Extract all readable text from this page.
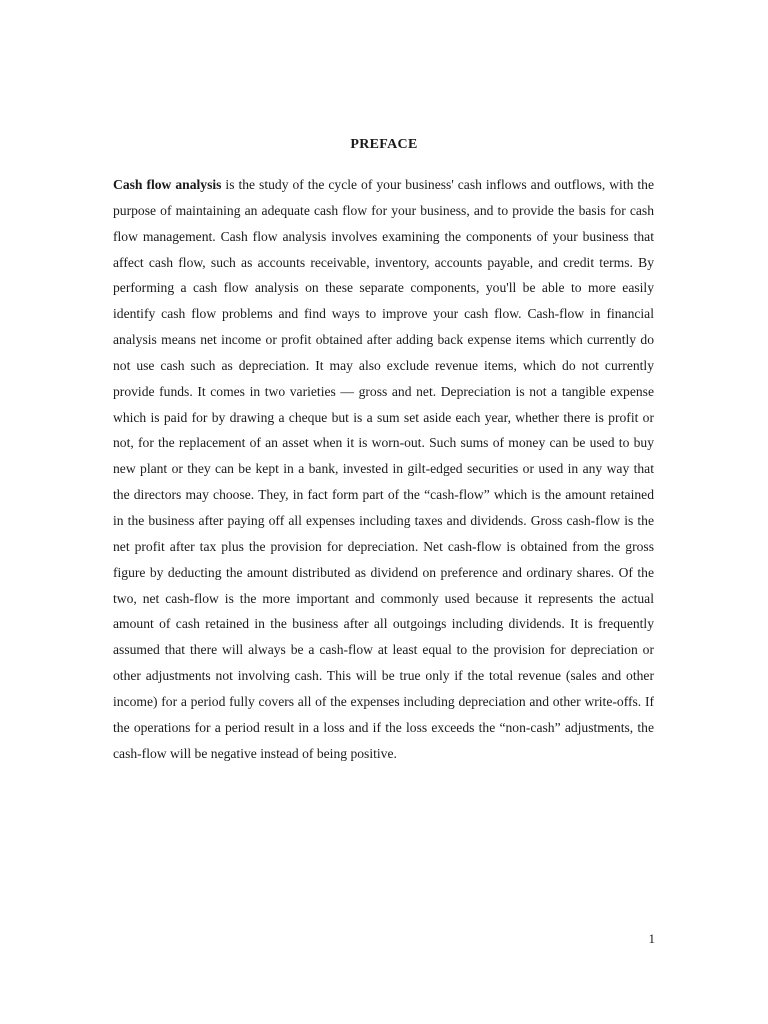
PREFACE

Cash flow analysis is the study of the cycle of your business' cash inflows and outflows, with the purpose of maintaining an adequate cash flow for your business, and to provide the basis for cash flow management. Cash flow analysis involves examining the components of your business that affect cash flow, such as accounts receivable, inventory, accounts payable, and credit terms. By performing a cash flow analysis on these separate components, you'll be able to more easily identify cash flow problems and find ways to improve your cash flow. Cash-flow in financial analysis means net income or profit obtained after adding back expense items which currently do not use cash such as depreciation. It may also exclude revenue items, which do not currently provide funds. It comes in two varieties — gross and net. Depreciation is not a tangible expense which is paid for by drawing a cheque but is a sum set aside each year, whether there is profit or not, for the replacement of an asset when it is worn-out. Such sums of money can be used to buy new plant or they can be kept in a bank, invested in gilt-edged securities or used in any way that the directors may choose. They, in fact form part of the “cash-flow” which is the amount retained in the business after paying off all expenses including taxes and dividends. Gross cash-flow is the net profit after tax plus the provision for depreciation. Net cash-flow is obtained from the gross figure by deducting the amount distributed as dividend on preference and ordinary shares. Of the two, net cash-flow is the more important and commonly used because it represents the actual amount of cash retained in the business after all outgoings including dividends. It is frequently assumed that there will always be a cash-flow at least equal to the provision for depreciation or other adjustments not involving cash. This will be true only if the total revenue (sales and other income) for a period fully covers all of the expenses including depreciation and other write-offs. If the operations for a period result in a loss and if the loss exceeds the “non-cash” adjustments, the cash-flow will be negative instead of being positive.

1
